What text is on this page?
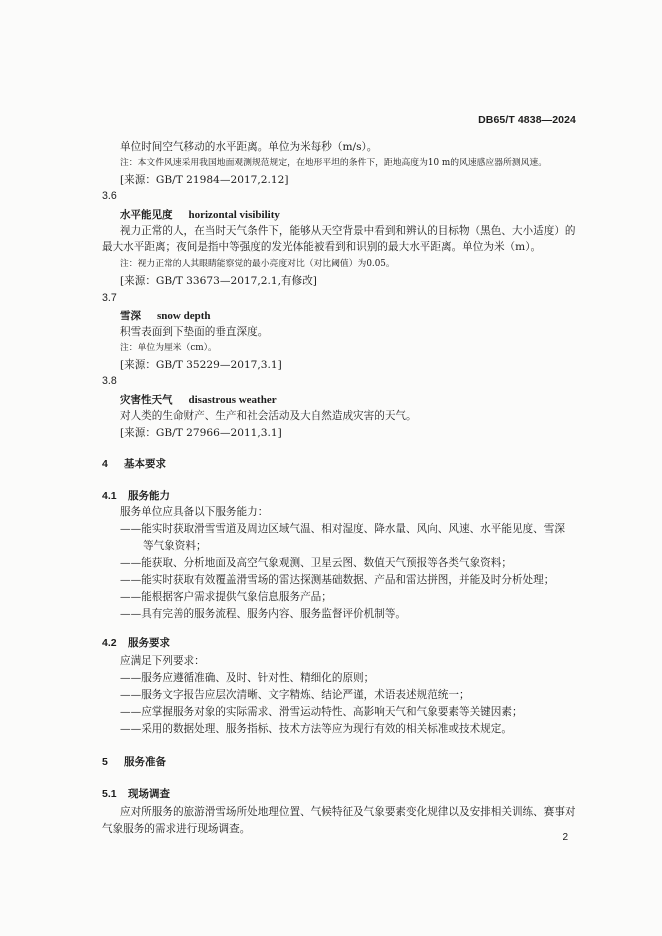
DB65/T 4838—2024
单位时间空气移动的水平距离。单位为米每秒（m/s）。
注：本文件风速采用我国地面观测规范规定，在地形平坦的条件下，距地高度为10 m的风速感应器所测风速。
[来源：GB/T 21984—2017,2.12]
3.6
水平能见度 horizontal visibility
视力正常的人，在当时天气条件下，能够从天空背景中看到和辨认的目标物（黑色、大小适度）的
最大水平距离；夜间是指中等强度的发光体能被看到和识别的最大水平距离。单位为米（m）。
注：视力正常的人其眼睛能察觉的最小亮度对比（对比阈值）为0.05。
[来源：GB/T 33673—2017,2.1,有修改]
3.7
雪深 snow depth
积雪表面到下垫面的垂直深度。
注：单位为厘米（cm）。
[来源：GB/T 35229—2017,3.1]
3.8
灾害性天气 disastrous weather
对人类的生命财产、生产和社会活动及大自然造成灾害的天气。
[来源：GB/T 27966—2011,3.1]
4 基本要求
4.1 服务能力
服务单位应具备以下服务能力：
——能实时获取滑雪雪道及周边区域气温、相对湿度、降水量、风向、风速、水平能见度、雪深
等气象资料；
——能获取、分析地面及高空气象观测、卫星云图、数值天气预报等各类气象资料；
——能实时获取有效覆盖滑雪场的雷达探测基础数据、产品和雷达拼图，并能及时分析处理；
——能根据客户需求提供气象信息服务产品；
——具有完善的服务流程、服务内容、服务监督评价机制等。
4.2 服务要求
应满足下列要求：
——服务应遵循准确、及时、针对性、精细化的原则；
——服务文字报告应层次清晰、文字精炼、结论严谨，术语表述规范统一；
——应掌握服务对象的实际需求、滑雪运动特性、高影响天气和气象要素等关键因素；
——采用的数据处理、服务指标、技术方法等应为现行有效的相关标准或技术规定。
5 服务准备
5.1 现场调查
应对所服务的旅游滑雪场所处地理位置、气候特征及气象要素变化规律以及安排相关训练、赛事对
气象服务的需求进行现场调查。
2
